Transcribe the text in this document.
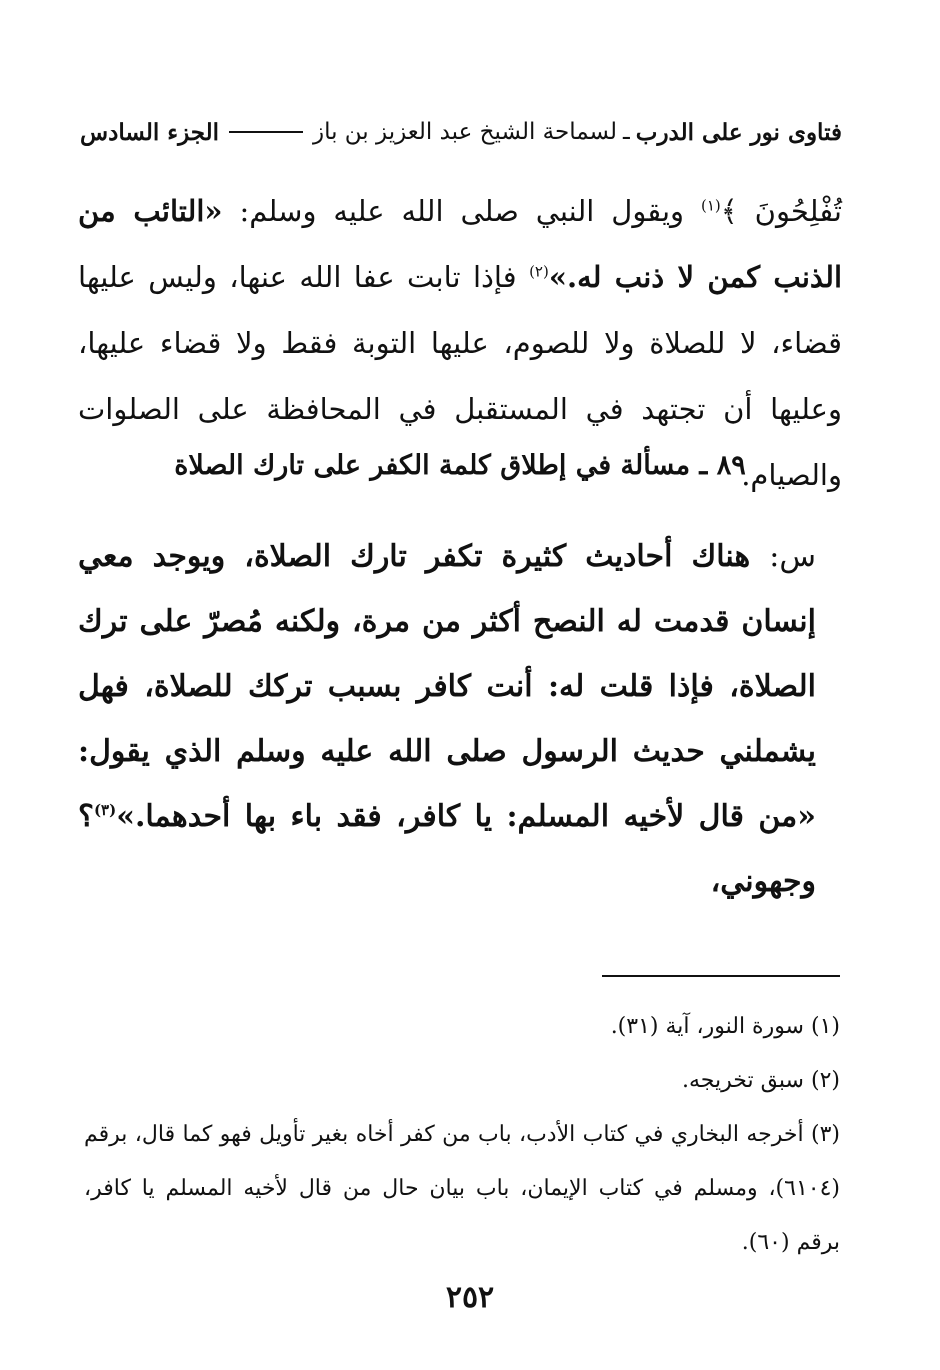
فتاوى نور على الدرب
ـ
لسماحة الشيخ عبد العزيز بن باز
الجزء السادس
تُفْلِحُونَ ﴾$^{(١)}$ ويقول النبي صلى الله عليه وسلم: «التائب من الذنب كمن لا ذنب له.»$^{(٢)}$ فإذا تابت عفا الله عنها، وليس عليها قضاء، لا للصلاة ولا للصوم، عليها التوبة فقط ولا قضاء عليها، وعليها أن تجتهد في المستقبل في المحافظة على الصلوات والصيام.
٨٩ ـ مسألة في إطلاق كلمة الكفر على تارك الصلاة
س: هناك أحاديث كثيرة تكفر تارك الصلاة، ويوجد معي إنسان قدمت له النصح أكثر من مرة، ولكنه مُصرّ على ترك الصلاة، فإذا قلت له: أنت كافر بسبب تركك للصلاة، فهل يشملني حديث الرسول صلى الله عليه وسلم الذي يقول: «من قال لأخيه المسلم: يا كافر، فقد باء بها أحدهما.»$^{(٣)}$؟ وجهوني،

(١) سورة النور، آية (٣١).

(٢) سبق تخريجه.

(٣) أخرجه البخاري في كتاب الأدب، باب من كفر أخاه بغير تأويل فهو كما قال، برقم (٦١٠٤)، ومسلم في كتاب الإيمان، باب بيان حال من قال لأخيه المسلم يا كافر، برقم (٦٠).

٢٥٢
